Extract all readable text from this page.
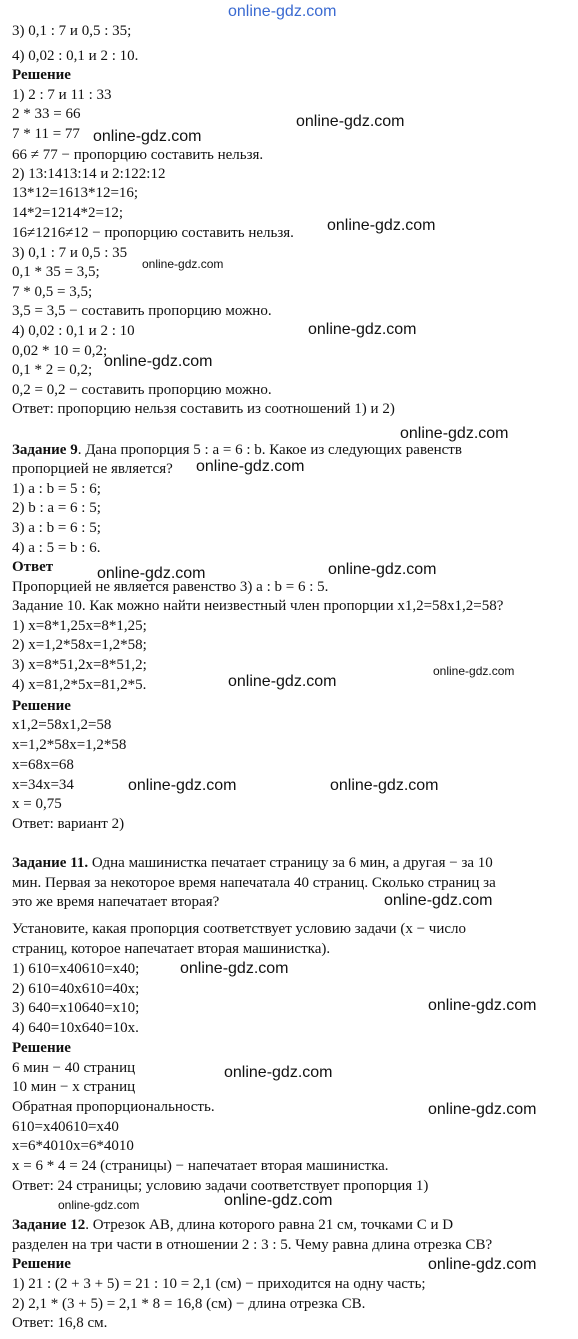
online-gdz.com
online-gdz.com
online-gdz.com
online-gdz.com
online-gdz.com
online-gdz.com
online-gdz.com
online-gdz.com
online-gdz.com
online-gdz.com	online-gdz.com
online-gdz.com
online-gdz.com
online-gdz.com	online-gdz.com
online-gdz.com
online-gdz.com
online-gdz.com
online-gdz.com
online-gdz.com
online-gdz.com	online-gdz.com
online-gdz.com
3) 0,1 : 7 и 0,5 : 35;
4) 0,02 : 0,1 и 2 : 10.
Решение
1) 2 : 7 и 11 : 33
2 * 33 = 66
7 * 11 = 77
66 ≠ 77 − пропорцию составить нельзя.
2) 13:1413:14 и 2:122:12
13*12=1613*12=16;
14*2=1214*2=12;
16≠1216≠12 − пропорцию составить нельзя.
3) 0,1 : 7 и 0,5 : 35
0,1 * 35 = 3,5;
7 * 0,5 = 3,5;
3,5 = 3,5 − составить пропорцию можно.
4) 0,02 : 0,1 и 2 : 10
0,02 * 10 = 0,2;
0,1 * 2 = 0,2;
0,2 = 0,2 − составить пропорцию можно.
Ответ: пропорцию нельзя составить из соотношений 1) и 2)
Задание 9. Дана пропорция 5 : a = 6 : b. Какое из следующих равенств
пропорцией не является?
1) a : b = 5 : 6;
2) b : a = 6 : 5;
3) a : b = 6 : 5;
4) a : 5 = b : 6.
Ответ
Пропорцией не является равенство 3) a : b = 6 : 5.
Задание 10. Как можно найти неизвестный член пропорции x1,2=58x1,2=58?
1) x=8*1,25x=8*1,25;
2) x=1,2*58x=1,2*58;
3) x=8*51,2x=8*51,2;
4) x=81,2*5x=81,2*5.
Решение
x1,2=58x1,2=58
x=1,2*58x=1,2*58
x=68x=68
x=34x=34
x = 0,75
Ответ: вариант 2)
Задание 11. Одна машинистка печатает страницу за 6 мин, а другая − за 10
мин. Первая за некоторое время напечатала 40 страниц. Сколько страниц за
это же время напечатает вторая?
Установите, какая пропорция соответствует условию задачи (x − число
страниц, которое напечатает вторая машинистка).
1) 610=x40610=x40;
2) 610=40x610=40x;
3) 640=x10640=x10;
4) 640=10x640=10x.
Решение
6 мин − 40 страниц
10 мин − x страниц
Обратная пропорциональность.
610=x40610=x40
x=6*4010x=6*4010
x = 6 * 4 = 24 (страницы) − напечатает вторая машинистка.
Ответ: 24 страницы; условию задачи соответствует пропорция 1)
Задание 12. Отрезок AB, длина которого равна 21 см, точками C и D
разделен на три части в отношении 2 : 3 : 5. Чему равна длина отрезка CB?
Решение
1) 21 : (2 + 3 + 5) = 21 : 10 = 2,1 (см) − приходится на одну часть;
2) 2,1 * (3 + 5) = 2,1 * 8 = 16,8 (см) − длина отрезка CB.
Ответ: 16,8 см.
